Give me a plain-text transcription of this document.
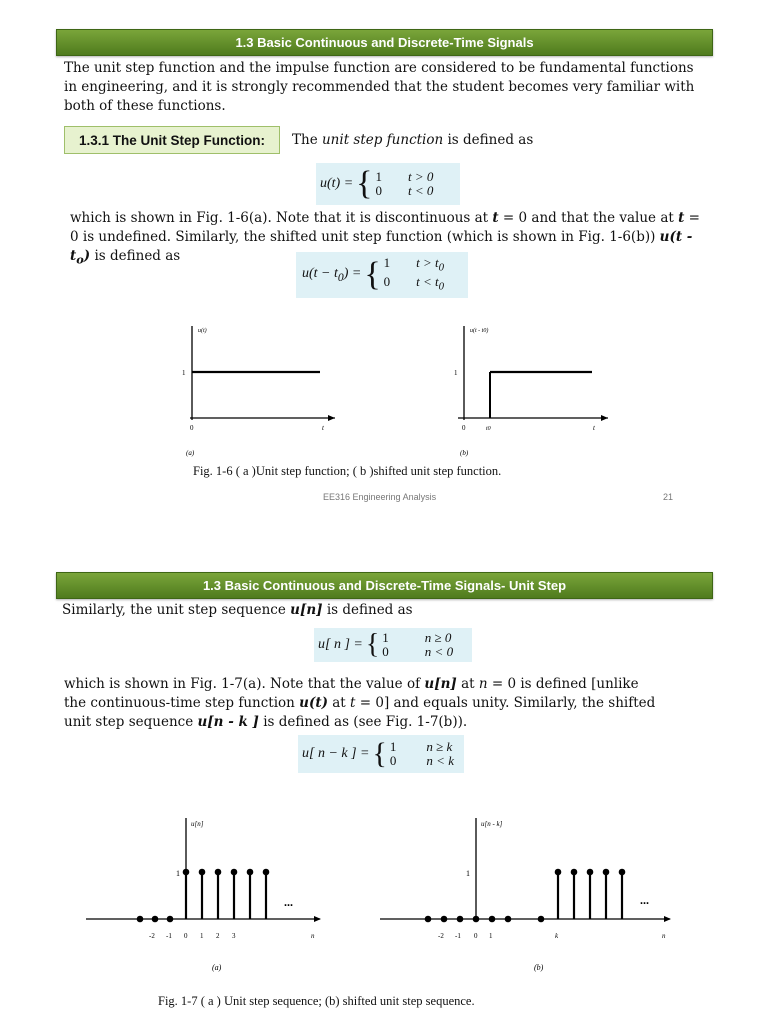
1.3 Basic Continuous and Discrete-Time Signals
The unit step function and the impulse function are considered to be fundamental functions in engineering, and it is strongly recommended that the student becomes very familiar with both of these functions.
1.3.1 The Unit Step Function:	The unit step function is defined as
u(t) = { 1 t > 0
0 t < 0
which is shown in Fig. 1-6(a). Note that it is discontinuous at t = 0 and that the value at t = 0 is undefined. Similarly, the shifted unit step function (which is shown in Fig. 1-6(b)) $u(t - t_o)$ is defined as
$u(t - t_0)$ = { 1 $t > t_0$
0 $t < t_0$
u(t)
1
0	t
(a)
u(t - t0)
1
0	t0	t
(b)
Fig. 1-6 ( a )Unit step function; ( b )shifted unit step function.
EE316 Engineering Analysis	21
1.3 Basic Continuous and Discrete-Time Signals- Unit Step
Similarly, the unit step sequence u[n] is defined as
u[ n ] = { 1	n ≥ 0
0	n < 0
which is shown in Fig. 1-7(a). Note that the value of u[n] at n = 0 is defined [unlike the continuous-time step function u(t) at t = 0] and equals unity. Similarly, the shifted unit step sequence u[n - k ] is defined as (see Fig. 1-7(b)).
u[ n − k ] = { 1 n ≥ k
0 n < k
u[n]
1
...
-2 -1 0 1 2 3	n
(a)
u[n - k]
1
...
-2 -1 0 1	k	n
(b)
Fig. 1-7 ( a ) Unit step sequence; (b) shifted unit step sequence.
